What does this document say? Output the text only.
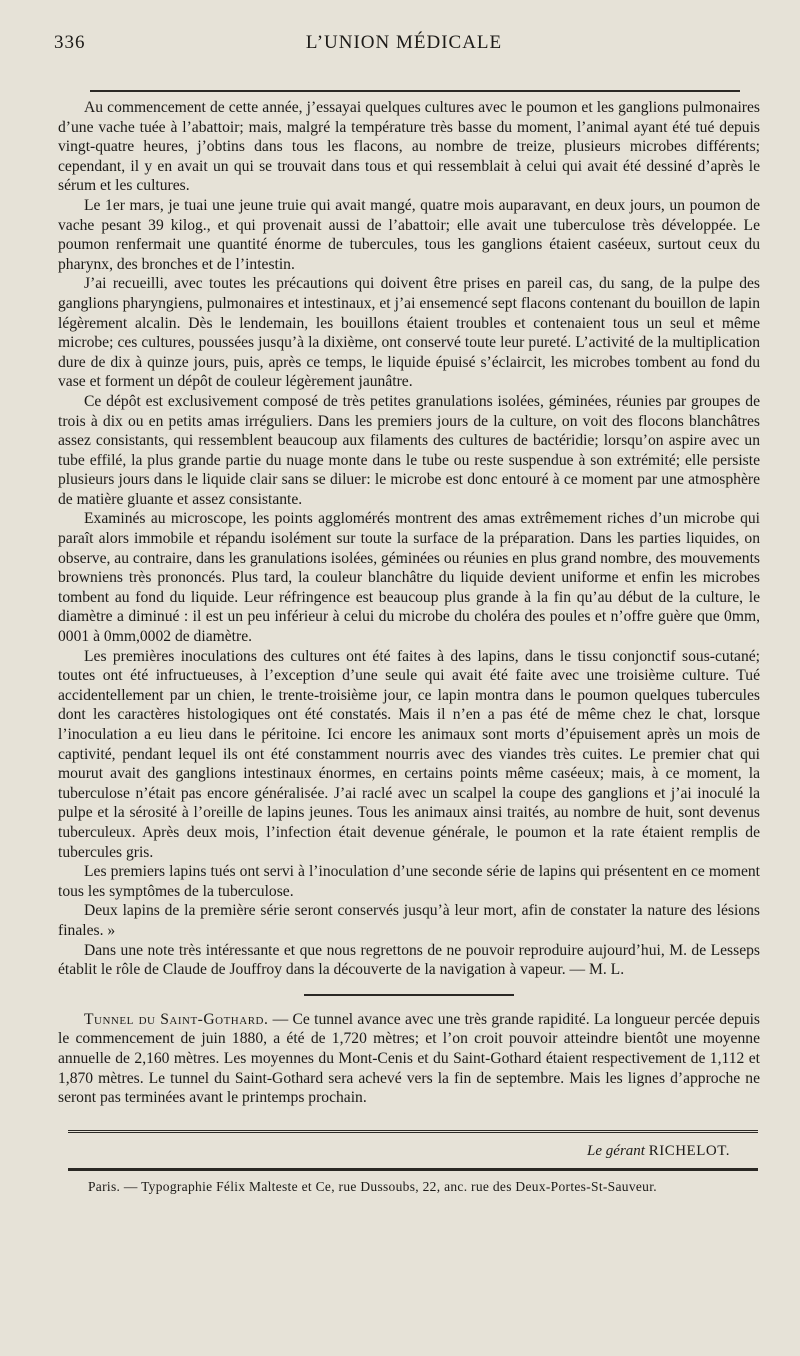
336	L’UNION MÉDICALE

Au commencement de cette année, j’essayai quelques cultures avec le poumon et les ganglions pulmonaires d’une vache tuée à l’abattoir; mais, malgré la température très basse du moment, l’animal ayant été tué depuis vingt-quatre heures, j’obtins dans tous les flacons, au nombre de treize, plusieurs microbes différents; cependant, il y en avait un qui se trouvait dans tous et qui ressemblait à celui qui avait été dessiné d’après le sérum et les cultures.

Le 1er mars, je tuai une jeune truie qui avait mangé, quatre mois auparavant, en deux jours, un poumon de vache pesant 39 kilog., et qui provenait aussi de l’abattoir; elle avait une tuberculose très développée. Le poumon renfermait une quantité énorme de tubercules, tous les ganglions étaient caséeux, surtout ceux du pharynx, des bronches et de l’intestin.

J’ai recueilli, avec toutes les précautions qui doivent être prises en pareil cas, du sang, de la pulpe des ganglions pharyngiens, pulmonaires et intestinaux, et j’ai ensemencé sept flacons contenant du bouillon de lapin légèrement alcalin. Dès le lendemain, les bouillons étaient troubles et contenaient tous un seul et même microbe; ces cultures, poussées jusqu’à la dixième, ont conservé toute leur pureté. L’activité de la multiplication dure de dix à quinze jours, puis, après ce temps, le liquide épuisé s’éclaircit, les microbes tombent au fond du vase et forment un dépôt de couleur légèrement jaunâtre.

Ce dépôt est exclusivement composé de très petites granulations isolées, géminées, réunies par groupes de trois à dix ou en petits amas irréguliers. Dans les premiers jours de la culture, on voit des flocons blanchâtres assez consistants, qui ressemblent beaucoup aux filaments des cultures de bactéridie; lorsqu’on aspire avec un tube effilé, la plus grande partie du nuage monte dans le tube ou reste suspendue à son extrémité; elle persiste plusieurs jours dans le liquide clair sans se diluer: le microbe est donc entouré à ce moment par une atmosphère de matière gluante et assez consistante.

Examinés au microscope, les points agglomérés montrent des amas extrêmement riches d’un microbe qui paraît alors immobile et répandu isolément sur toute la surface de la préparation. Dans les parties liquides, on observe, au contraire, dans les granulations isolées, géminées ou réunies en plus grand nombre, des mouvements browniens très prononcés. Plus tard, la couleur blanchâtre du liquide devient uniforme et enfin les microbes tombent au fond du liquide. Leur réfringence est beaucoup plus grande à la fin qu’au début de la culture, le diamètre a diminué : il est un peu inférieur à celui du microbe du choléra des poules et n’offre guère que 0mm, 0001 à 0mm,0002 de diamètre.

Les premières inoculations des cultures ont été faites à des lapins, dans le tissu conjonctif sous-cutané; toutes ont été infructueuses, à l’exception d’une seule qui avait été faite avec une troisième culture. Tué accidentellement par un chien, le trente-troisième jour, ce lapin montra dans le poumon quelques tubercules dont les caractères histologiques ont été constatés. Mais il n’en a pas été de même chez le chat, lorsque l’inoculation a eu lieu dans le péritoine. Ici encore les animaux sont morts d’épuisement après un mois de captivité, pendant lequel ils ont été constamment nourris avec des viandes très cuites. Le premier chat qui mourut avait des ganglions intestinaux énormes, en certains points même caséeux; mais, à ce moment, la tuberculose n’était pas encore généralisée. J’ai raclé avec un scalpel la coupe des ganglions et j’ai inoculé la pulpe et la sérosité à l’oreille de lapins jeunes. Tous les animaux ainsi traités, au nombre de huit, sont devenus tuberculeux. Après deux mois, l’infection était devenue générale, le poumon et la rate étaient remplis de tubercules gris.

Les premiers lapins tués ont servi à l’inoculation d’une seconde série de lapins qui présentent en ce moment tous les symptômes de la tuberculose.

Deux lapins de la première série seront conservés jusqu’à leur mort, afin de constater la nature des lésions finales. »

Dans une note très intéressante et que nous regrettons de ne pouvoir reproduire aujourd’hui, M. de Lesseps établit le rôle de Claude de Jouffroy dans la découverte de la navigation à vapeur. — M. L.

Tunnel du Saint-Gothard. — Ce tunnel avance avec une très grande rapidité. La longueur percée depuis le commencement de juin 1880, a été de 1,720 mètres; et l’on croit pouvoir atteindre bientôt une moyenne annuelle de 2,160 mètres. Les moyennes du Mont-Cenis et du Saint-Gothard étaient respectivement de 1,112 et 1,870 mètres. Le tunnel du Saint-Gothard sera achevé vers la fin de septembre. Mais les lignes d’approche ne seront pas terminées avant le printemps prochain.

Le gérant RICHELOT.
Paris. — Typographie Félix Malteste et Ce, rue Dussoubs, 22, anc. rue des Deux-Portes-St-Sauveur.
